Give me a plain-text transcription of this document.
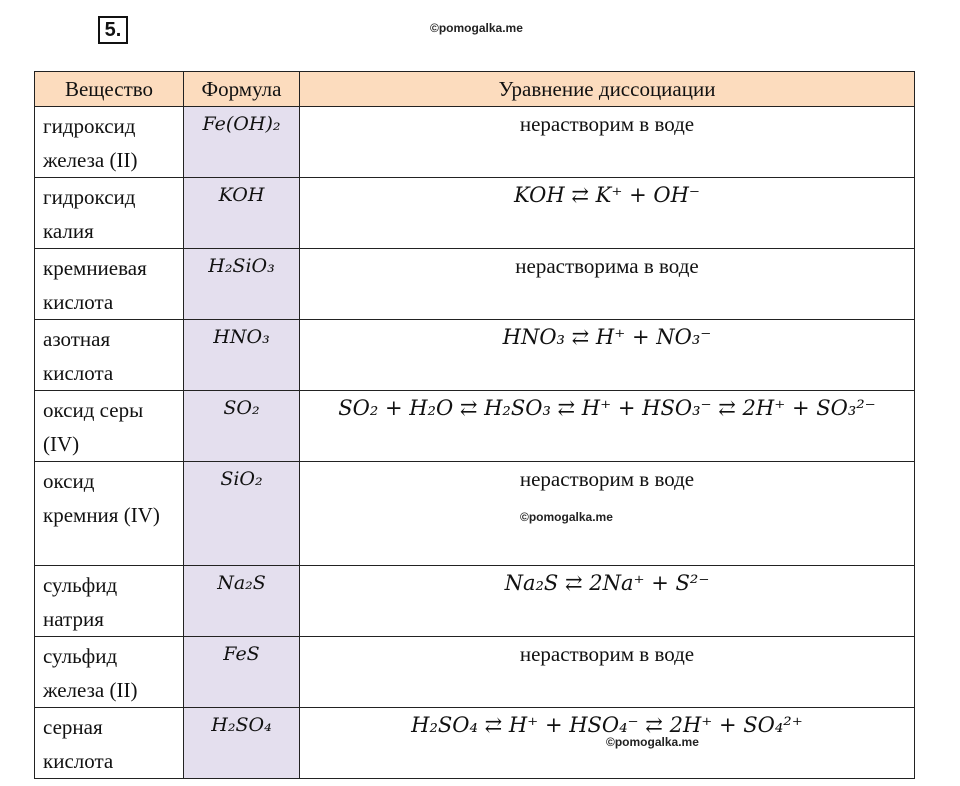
5.	©pomogalka.me
Вещество	Формула	Уравнение диссоциации
гидроксид железа (II)	Fe(OH)₂	нерастворим в воде
гидроксид калия	KOH	KOH ⇄ K⁺ + OH⁻
кремниевая кислота	H₂SiO₃	нерастворима в воде
азотная кислота	HNO₃	HNO₃ ⇄ H⁺ + NO₃⁻
оксид серы (IV)	SO₂	SO₂ + H₂O ⇄ H₂SO₃ ⇄ H⁺ + HSO₃⁻ ⇄ 2H⁺ + SO₃²⁻
оксид кремния (IV)	SiO₂	нерастворим в воде
сульфид натрия	Na₂S	Na₂S ⇄ 2Na⁺ + S²⁻
сульфид железа (II)	FeS	нерастворим в воде
серная кислота	H₂SO₄	H₂SO₄ ⇄ H⁺ + HSO₄⁻ ⇄ 2H⁺ + SO₄²⁺
©pomogalka.me
©pomogalka.me
